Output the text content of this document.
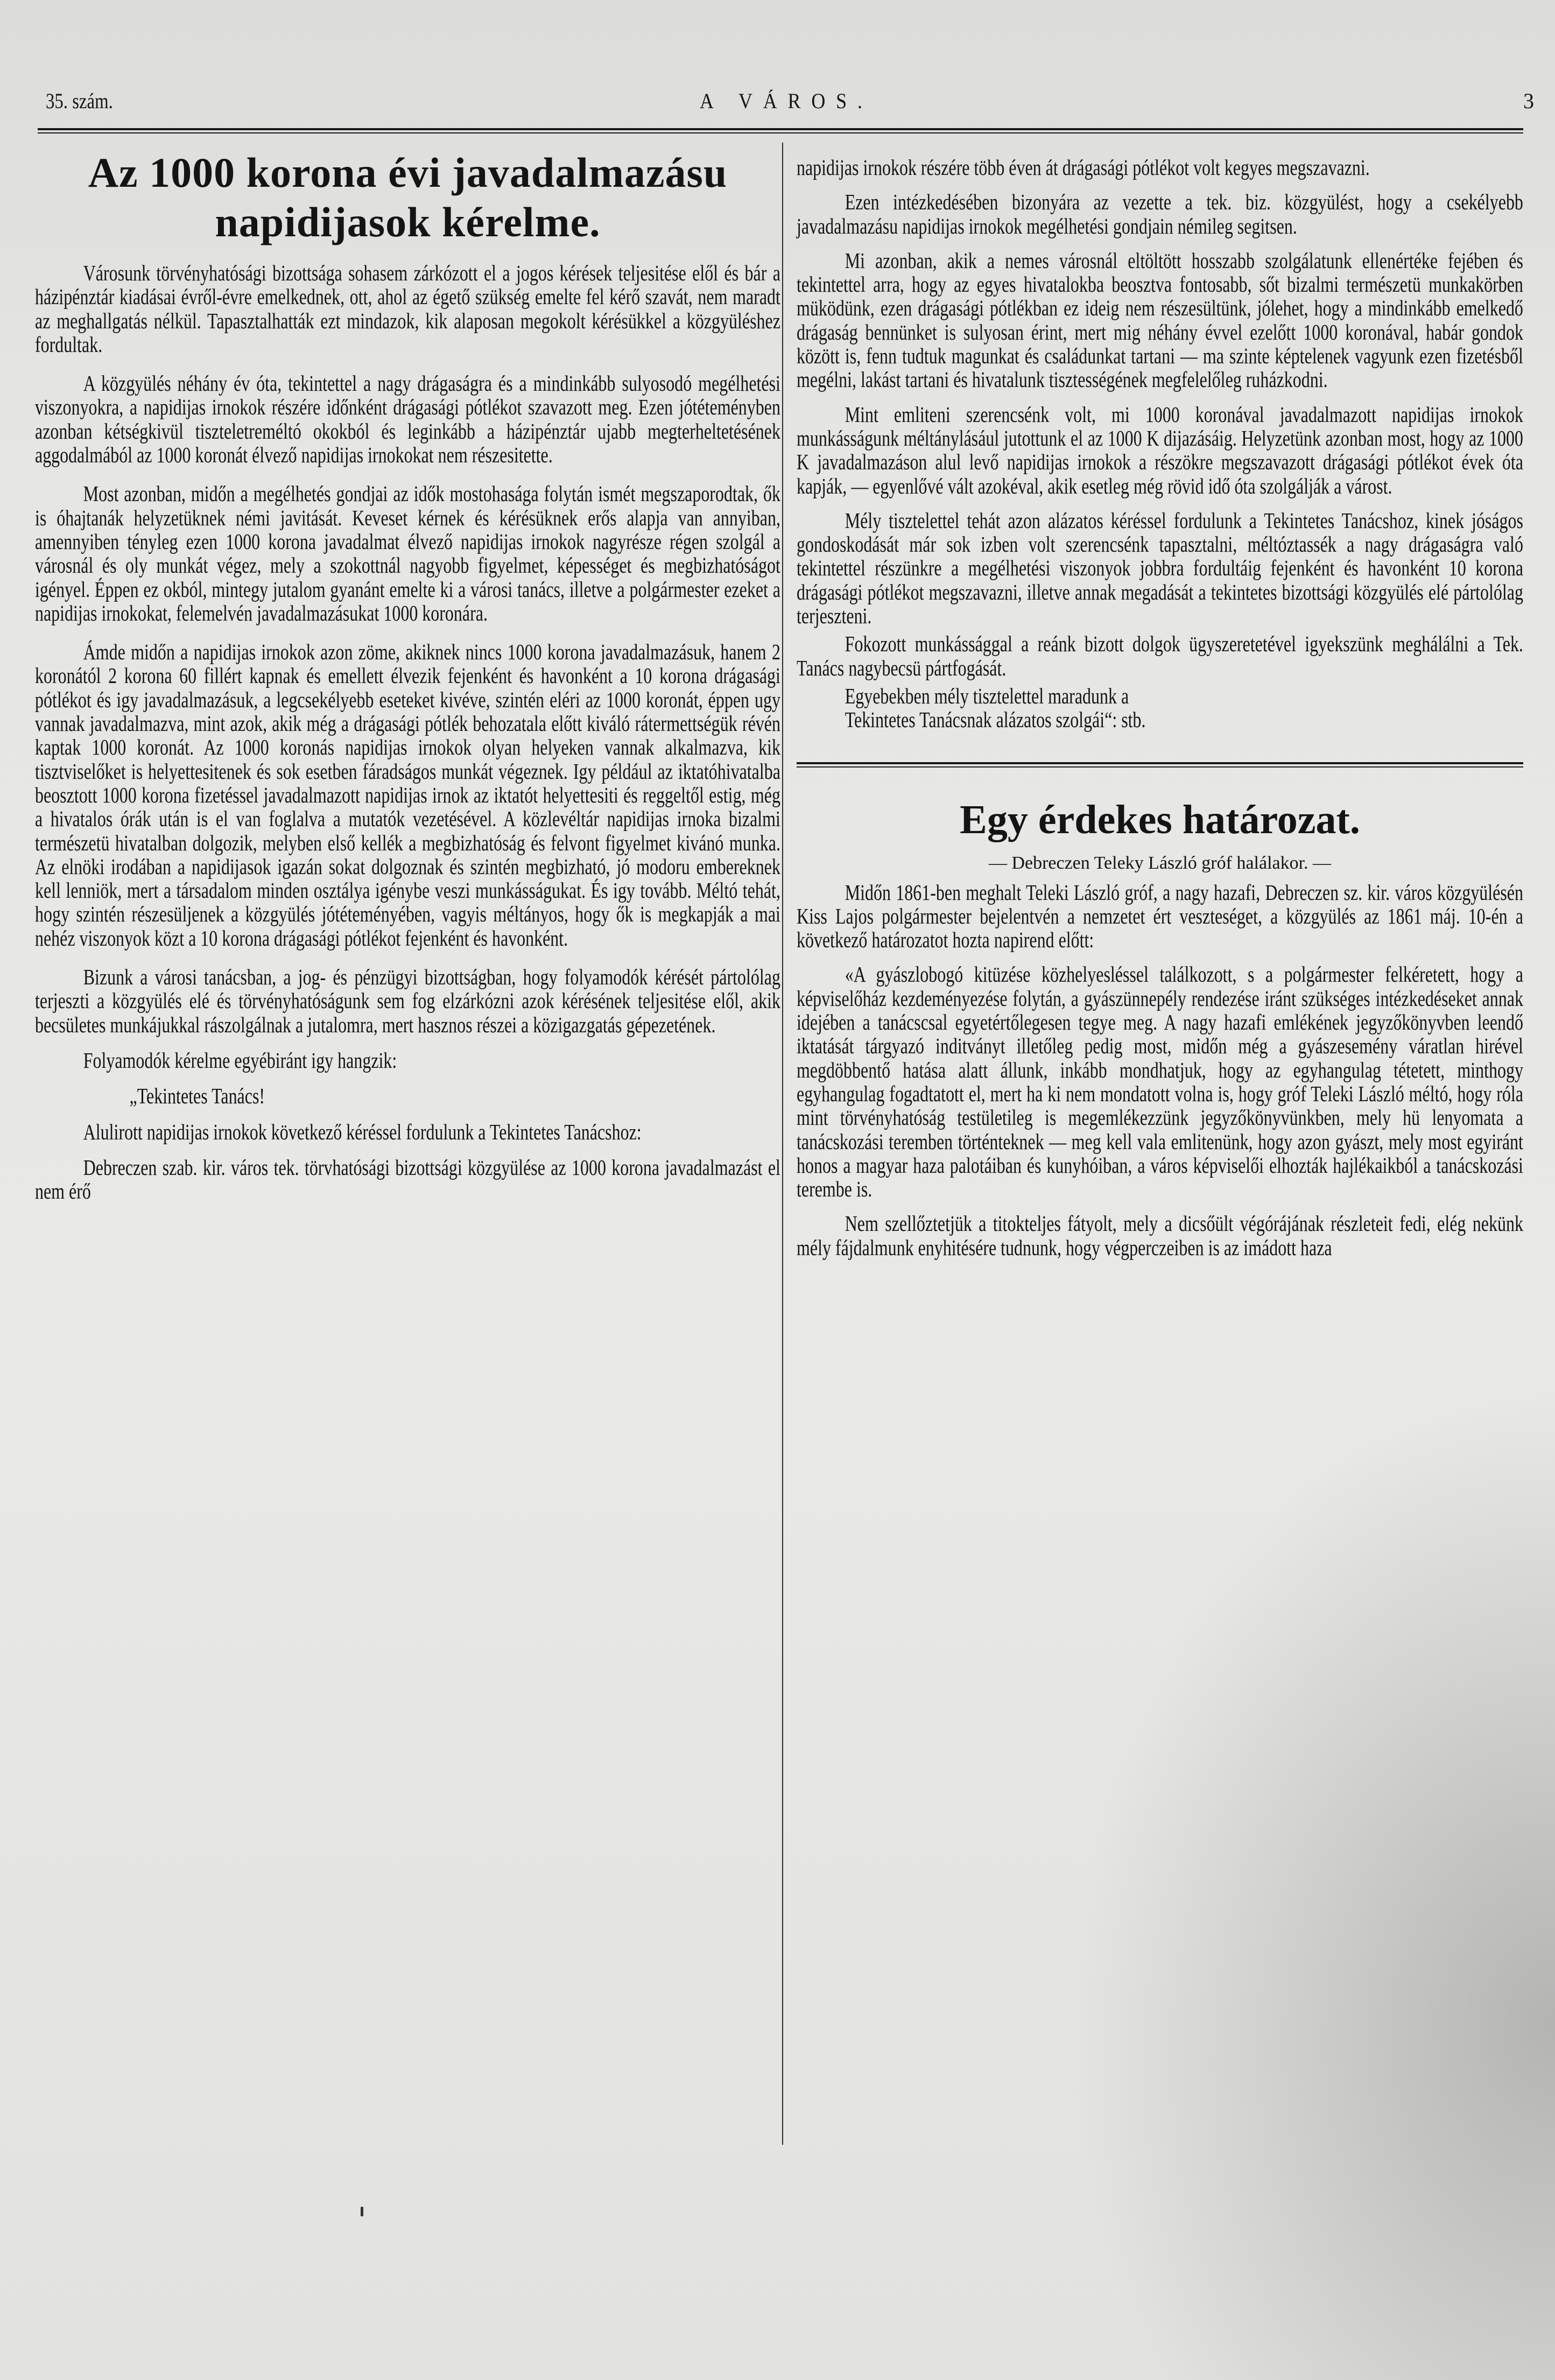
35. szám.	A VÁROS.	3
Az 1000 korona évi javadalmazásu
napidijasok kérelme.

Városunk törvényhatósági bizottsága sohasem zárkózott el a jogos kérések teljesitése elől és bár a házipénztár kiadásai évről-évre emelkednek, ott, ahol az égető szükség emelte fel kérő szavát, nem maradt az meghallgatás nélkül. Tapasztalhatták ezt mindazok, kik alaposan megokolt kérésükkel a közgyüléshez fordultak.

A közgyülés néhány év óta, tekintettel a nagy drágaságra és a mindinkább sulyosodó megélhetési viszonyokra, a napidijas irnokok részére időnként drágasági pótlékot szavazott meg. Ezen jótéteményben azonban kétségkivül tiszteletreméltó okokból és leginkább a házipénztár ujabb megterheltetésének aggodalmából az 1000 koronát élvező napidijas irnokokat nem részesitette.

Most azonban, midőn a megélhetés gondjai az idők mostohasága folytán ismét megszaporodtak, ők is óhajtanák helyzetüknek némi javitását. Keveset kérnek és kérésüknek erős alapja van annyiban, amennyiben tényleg ezen 1000 korona javadalmat élvező napidijas irnokok nagyrésze régen szolgál a városnál és oly munkát végez, mely a szokottnál nagyobb figyelmet, képességet és megbizhatóságot igényel. Éppen ez okból, mintegy jutalom gyanánt emelte ki a városi tanács, illetve a polgármester ezeket a napidijas irnokokat, felemelvén javadalmazásukat 1000 koronára.

Ámde midőn a napidijas irnokok azon zöme, akiknek nincs 1000 korona javadalmazásuk, hanem 2 koronától 2 korona 60 fillért kapnak és emellett élvezik fejenként és havonként a 10 korona drágasági pótlékot és igy javadalmazásuk, a legcsekélyebb eseteket kivéve, szintén eléri az 1000 koronát, éppen ugy vannak javadalmazva, mint azok, akik még a drágasági pótlék behozatala előtt kiváló rátermettségük révén kaptak 1000 koronát. Az 1000 koronás napidijas irnokok olyan helyeken vannak alkalmazva, kik tisztviselőket is helyettesitenek és sok esetben fáradságos munkát végeznek. Igy például az iktatóhivatalba beosztott 1000 korona fizetéssel javadalmazott napidijas irnok az iktatót helyettesiti és reggeltől estig, még a hivatalos órák után is el van foglalva a mutatók vezetésével. A közlevéltár napidijas irnoka bizalmi természetü hivatalban dolgozik, melyben első kellék a megbizhatóság és felvont figyelmet kivánó munka. Az elnöki irodában a napidijasok igazán sokat dolgoznak és szintén megbizható, jó modoru embereknek kell lenniök, mert a társadalom minden osztálya igénybe veszi munkásságukat. És igy tovább. Méltó tehát, hogy szintén részesüljenek a közgyülés jótéteményében, vagyis méltányos, hogy ők is megkapják a mai nehéz viszonyok közt a 10 korona drágasági pótlékot fejenként és havonként.

Bizunk a városi tanácsban, a jog- és pénzügyi bizottságban, hogy folyamodók kérését pártolólag terjeszti a közgyülés elé és törvényhatóságunk sem fog elzárkózni azok kérésének teljesitése elől, akik becsületes munkájukkal rászolgálnak a jutalomra, mert hasznos részei a közigazgatás gépezetének.

Folyamodók kérelme egyébiránt igy hangzik:

„Tekintetes Tanács!

Alulirott napidijas irnokok következő kéréssel fordulunk a Tekintetes Tanácshoz:

Debreczen szab. kir. város tek. törvhatósági bizottsági közgyülése az 1000 korona javadalmazást el nem érő

napidijas irnokok részére több éven át drágasági pótlékot volt kegyes megszavazni.

Ezen intézkedésében bizonyára az vezette a tek. biz. közgyülést, hogy a csekélyebb javadalmazásu napidijas irnokok megélhetési gondjain némileg segitsen.

Mi azonban, akik a nemes városnál eltöltött hosszabb szolgálatunk ellenértéke fejében és tekintettel arra, hogy az egyes hivatalokba beosztva fontosabb, sőt bizalmi természetü munkakörben müködünk, ezen drágasági pótlékban ez ideig nem részesültünk, jólehet, hogy a mindinkább emelkedő drágaság bennünket is sulyosan érint, mert mig néhány évvel ezelőtt 1000 koronával, habár gondok között is, fenn tudtuk magunkat és családunkat tartani — ma szinte képtelenek vagyunk ezen fizetésből megélni, lakást tartani és hivatalunk tisztességének megfelelőleg ruházkodni.

Mint emliteni szerencsénk volt, mi 1000 koronával javadalmazott napidijas irnokok munkásságunk méltánylásául jutottunk el az 1000 K dijazásáig. Helyzetünk azonban most, hogy az 1000 K javadalmazáson alul levő napidijas irnokok a részökre megszavazott drágasági pótlékot évek óta kapják, — egyenlővé vált azokéval, akik esetleg még rövid idő óta szolgálják a várost.

Mély tisztelettel tehát azon alázatos kéréssel fordulunk a Tekintetes Tanácshoz, kinek jóságos gondoskodását már sok izben volt szerencsénk tapasztalni, méltóztassék a nagy drágaságra való tekintettel részünkre a megélhetési viszonyok jobbra fordultáig fejenként és havonként 10 korona drágasági pótlékot megszavazni, illetve annak megadását a tekintetes bizottsági közgyülés elé pártolólag terjeszteni.

Fokozott munkássággal a reánk bizott dolgok ügyszeretetével igyekszünk meghálálni a Tek. Tanács nagybecsü pártfogását.

Egyebekben mély tisztelettel maradunk a

Tekintetes Tanácsnak alázatos szolgái“: stb.

Egy érdekes határozat.
— Debreczen Teleky László gróf halálakor. —

Midőn 1861-ben meghalt Teleki László gróf, a nagy hazafi, Debreczen sz. kir. város közgyülésén Kiss Lajos polgármester bejelentvén a nemzetet ért veszteséget, a közgyülés az 1861 máj. 10-én a következő határozatot hozta napirend előtt:

«A gyászlobogó kitüzése közhelyesléssel találkozott, s a polgármester felkéretett, hogy a képviselőház kezdeményezése folytán, a gyászünnepély rendezése iránt szükséges intézkedéseket annak idejében a tanácscsal egyetértőlegesen tegye meg. A nagy hazafi emlékének jegyzőkönyvben leendő iktatását tárgyazó inditványt illetőleg pedig most, midőn még a gyászesemény váratlan hirével megdöbbentő hatása alatt állunk, inkább mondhatjuk, hogy az egyhangulag tétetett, minthogy egyhangulag fogadtatott el, mert ha ki nem mondatott volna is, hogy gróf Teleki László méltó, hogy róla mint törvényhatóság testületileg is megemlékezzünk jegyzőkönyvünkben, mely hü lenyomata a tanácskozási teremben történteknek — meg kell vala emlitenünk, hogy azon gyászt, mely most egyiránt honos a magyar haza palotáiban és kunyhóiban, a város képviselői elhozták hajlékaikból a tanácskozási terembe is.

Nem szellőztetjük a titokteljes fátyolt, mely a dicsőült végórájának részleteit fedi, elég nekünk mély fájdalmunk enyhitésére tudnunk, hogy végperczeiben is az imádott haza
